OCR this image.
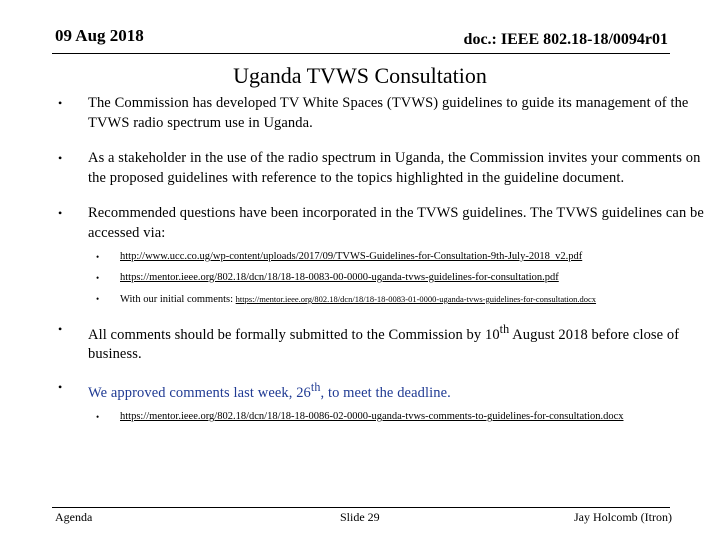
09 Aug 2018	doc.: IEEE 802.18-18/0094r01
Uganda TVWS Consultation
• The Commission has developed TV White Spaces (TVWS) guidelines to guide its management of the TVWS radio spectrum use in Uganda.
• As a stakeholder in the use of the radio spectrum in Uganda, the Commission invites your comments on the proposed guidelines with reference to the topics highlighted in the guideline document.
• Recommended questions have been incorporated in the TVWS guidelines. The TVWS guidelines can be accessed via:
• http://www.ucc.co.ug/wp-content/uploads/2017/09/TVWS-Guidelines-for-Consultation-9th-July-2018_v2.pdf
• https://mentor.ieee.org/802.18/dcn/18/18-18-0083-00-0000-uganda-tvws-guidelines-for-consultation.pdf
• With our initial comments: https://mentor.ieee.org/802.18/dcn/18/18-18-0083-01-0000-uganda-tvws-guidelines-for-consultation.docx
• All comments should be formally submitted to the Commission by 10th August 2018 before close of business.
• We approved comments last week, 26th, to meet the deadline.
• https://mentor.ieee.org/802.18/dcn/18/18-18-0086-02-0000-uganda-tvws-comments-to-guidelines-for-consultation.docx
Agenda	Slide 29	Jay Holcomb (Itron)
